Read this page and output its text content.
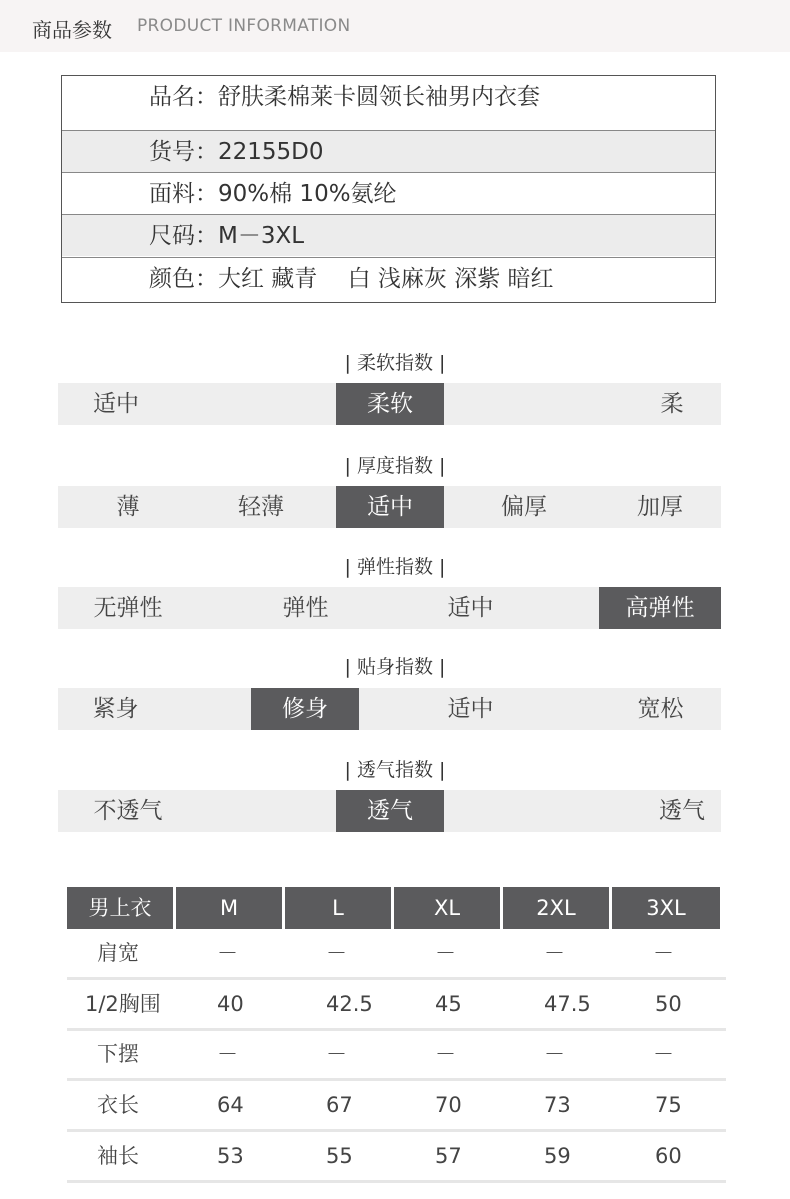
商品参数 PRODUCT INFORMATION
品名：舒肤柔棉莱卡圆领长袖男内衣套
货号：22155D0
面料：90%棉 10%氨纶
尺码：M－3XL
颜色：大红 藏青　 白 浅麻灰 深紫 暗红
| 柔软指数 |
适中	柔软	柔
| 厚度指数 |
薄	轻薄	适中	偏厚	加厚
| 弹性指数 |
无弹性	弹性	适中	高弹性
| 贴身指数 |
紧身	修身	适中	宽松
| 透气指数 |
不透气	透气	透气
男上衣	M	L	XL	2XL	3XL
肩宽	－	－	－	－	－
1/2胸围	40	42.5	45	47.5	50
下摆	－	－	－	－	－
衣长	64	67	70	73	75
袖长	53	55	57	59	60
